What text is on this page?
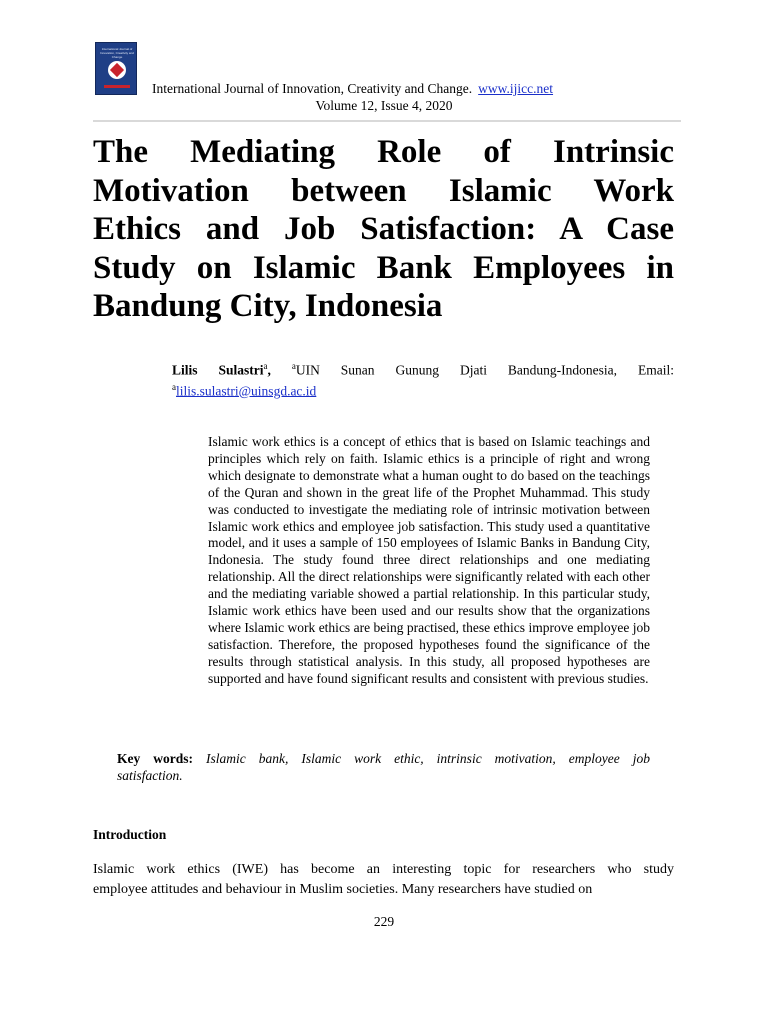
International Journal of
Innovation, Creativity and
Change
International Journal of Innovation, Creativity and Change. www.ijicc.net
Volume 12, Issue 4, 2020
The Mediating Role of Intrinsic
Motivation between Islamic Work
Ethics and Job Satisfaction: A Case
Study on Islamic Bank Employees in
Bandung City, Indonesia
Lilis Sulastri$^a$, $^a$UIN Sunan Gunung Djati Bandung-Indonesia, Email:
$^a$lilis.sulastri@uinsgd.ac.id
Islamic work ethics is a concept of ethics that is based on Islamic teachings and principles which rely on faith. Islamic ethics is a principle of right and wrong which designate to demonstrate what a human ought to do based on the teachings of the Quran and shown in the great life of the Prophet Muhammad. This study was conducted to investigate the mediating role of intrinsic motivation between Islamic work ethics and employee job satisfaction. This study used a quantitative model, and it uses a sample of 150 employees of Islamic Banks in Bandung City, Indonesia. The study found three direct relationships and one mediating relationship. All the direct relationships were significantly related with each other and the mediating variable showed a partial relationship. In this particular study, Islamic work ethics have been used and our results show that the organizations where Islamic work ethics are being practised, these ethics improve employee job satisfaction. Therefore, the proposed hypotheses found the significance of the results through statistical analysis. In this study, all proposed hypotheses are supported and have found significant results and consistent with previous studies.
Key words: Islamic bank, Islamic work ethic, intrinsic motivation, employee job
satisfaction.
Introduction
Islamic work ethics (IWE) has become an interesting topic for researchers who study
employee attitudes and behaviour in Muslim societies. Many researchers have studied on
229
